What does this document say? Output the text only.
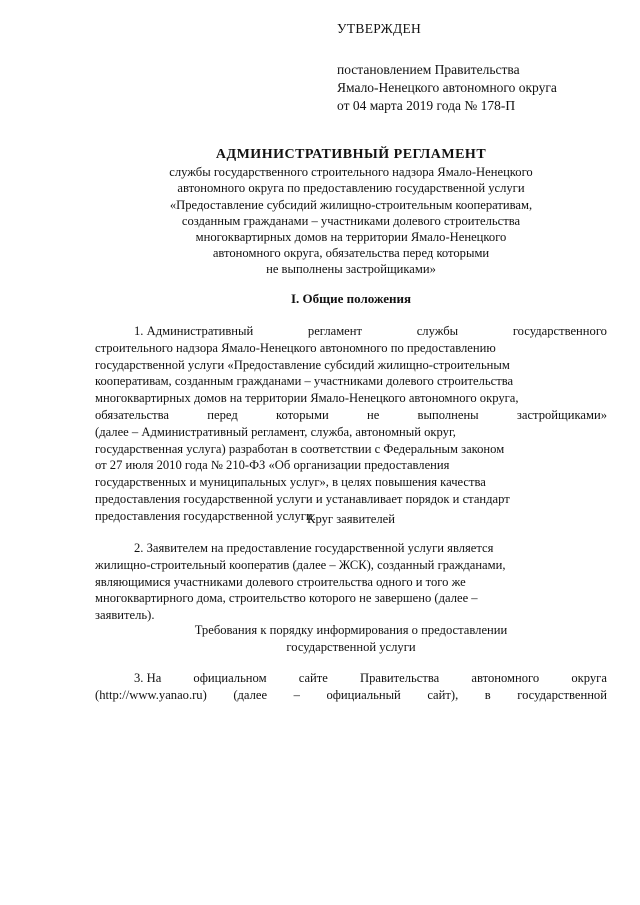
УТВЕРЖДЕН
постановлением Правительства
Ямало-Ненецкого автономного округа
от 04 марта 2019 года № 178-П
АДМИНИСТРАТИВНЫЙ РЕГЛАМЕНТ
службы государственного строительного надзора Ямало-Ненецкого
автономного округа по предоставлению государственной услуги
«Предоставление субсидий жилищно-строительным кооперативам,
созданным гражданами – участниками долевого строительства
многоквартирных домов на территории Ямало-Ненецкого
автономного округа, обязательства перед которыми
не выполнены застройщиками»
I. Общие положения
1. Административный	регламент	службы	государственного
строительного надзора Ямало-Ненецкого автономного по предоставлению
государственной услуги «Предоставление субсидий жилищно-строительным
кооперативам, созданным гражданами – участниками долевого строительства
многоквартирных домов на территории Ямало-Ненецкого автономного округа,
обязательства	перед	которыми	не	выполнены	застройщиками»
(далее – Административный регламент, служба, автономный округ,
государственная услуга) разработан в соответствии с Федеральным законом
от 27 июля 2010 года № 210-ФЗ «Об организации предоставления
государственных и муниципальных услуг», в целях повышения качества
предоставления государственной услуги и устанавливает порядок и стандарт
предоставления государственной услуги.
Круг заявителей
2. Заявителем на предоставление государственной услуги является
жилищно-строительный кооператив (далее – ЖСК), созданный гражданами,
являющимися участниками долевого строительства одного и того же
многоквартирного дома, строительство которого не завершено (далее –
заявитель).
Требования к порядку информирования о предоставлении
государственной услуги
3. На	официальном	сайте	Правительства	автономного	округа
(http://www.yanao.ru) (далее – официальный сайт), в государственной
